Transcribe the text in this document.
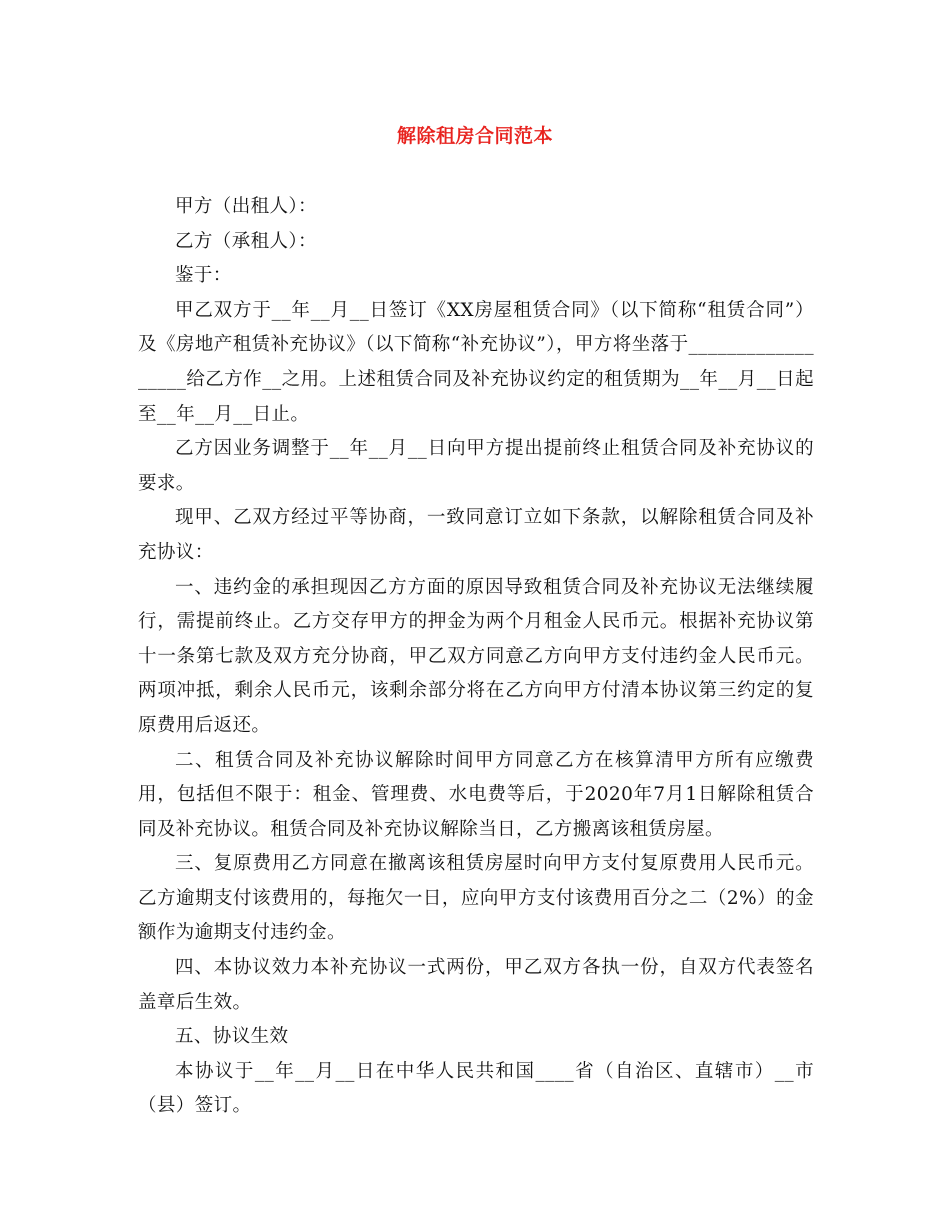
解除租房合同范本

甲方（出租人）：

乙方（承租人）：

鉴于：

甲乙双方于__年__月__日签订《XX房屋租赁合同》（以下简称“租赁合同”）及《房地产租赁补充协议》（以下简称“补充协议”），甲方将坐落于__________________给乙方作__之用。上述租赁合同及补充协议约定的租赁期为__年__月__日起至__年__月__日止。

乙方因业务调整于__年__月__日向甲方提出提前终止租赁合同及补充协议的要求。

现甲、乙双方经过平等协商，一致同意订立如下条款，以解除租赁合同及补充协议：

一、违约金的承担现因乙方方面的原因导致租赁合同及补充协议无法继续履行，需提前终止。乙方交存甲方的押金为两个月租金人民币元。根据补充协议第十一条第七款及双方充分协商，甲乙双方同意乙方向甲方支付违约金人民币元。两项冲抵，剩余人民币元，该剩余部分将在乙方向甲方付清本协议第三约定的复原费用后返还。

二、租赁合同及补充协议解除时间甲方同意乙方在核算清甲方所有应缴费用，包括但不限于：租金、管理费、水电费等后，于2020年7月1日解除租赁合同及补充协议。租赁合同及补充协议解除当日，乙方搬离该租赁房屋。

三、复原费用乙方同意在撤离该租赁房屋时向甲方支付复原费用人民币元。乙方逾期支付该费用的，每拖欠一日，应向甲方支付该费用百分之二（2%）的金额作为逾期支付违约金。

四、本协议效力本补充协议一式两份，甲乙双方各执一份，自双方代表签名盖章后生效。

五、协议生效

本协议于__年__月__日在中华人民共和国____省（自治区、直辖市）__市（县）签订。
